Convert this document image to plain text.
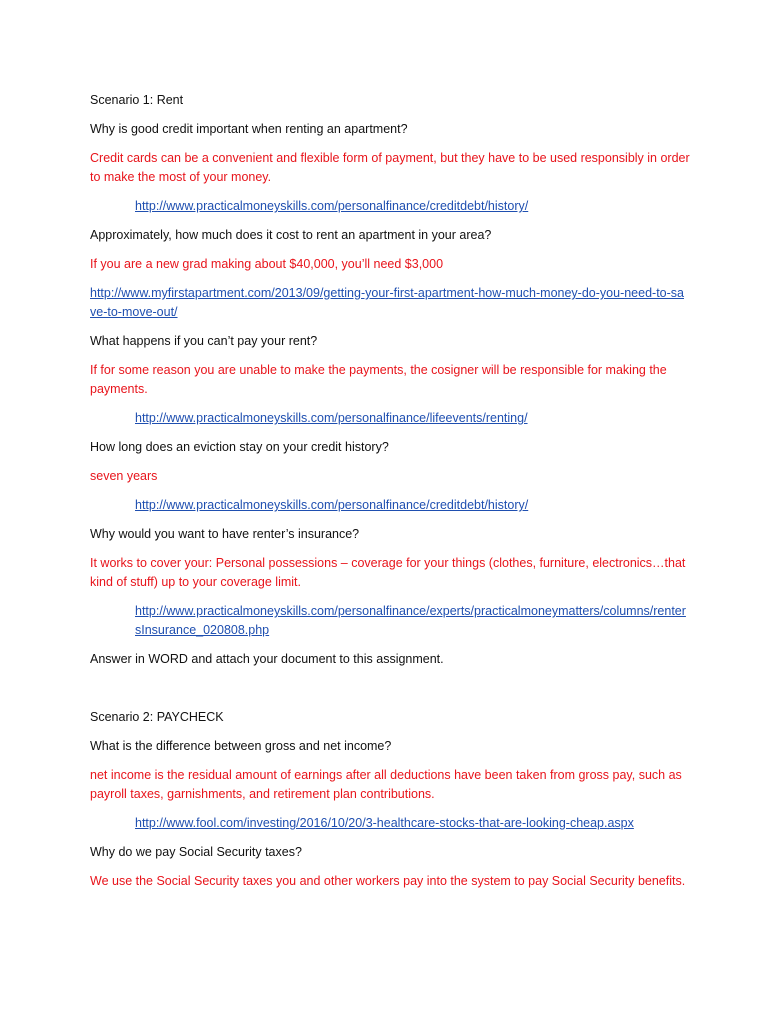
Scenario 1: Rent
Why is good credit important when renting an apartment?
Credit cards can be a convenient and flexible form of payment, but they have to be used responsibly in order to make the most of your money.
http://www.practicalmoneyskills.com/personalfinance/creditdebt/history/
Approximately, how much does it cost to rent an apartment in your area?
If you are a new grad making about $40,000, you’ll need $3,000
http://www.myfirstapartment.com/2013/09/getting-your-first-apartment-how-much-money-do-you-need-to-save-to-move-out/
What happens if you can’t pay your rent?
If for some reason you are unable to make the payments, the cosigner will be responsible for making the payments.
http://www.practicalmoneyskills.com/personalfinance/lifeevents/renting/
How long does an eviction stay on your credit history?
seven years
http://www.practicalmoneyskills.com/personalfinance/creditdebt/history/
Why would you want to have renter’s insurance?
It works to cover your: Personal possessions – coverage for your things (clothes, furniture, electronics…that kind of stuff) up to your coverage limit.
http://www.practicalmoneyskills.com/personalfinance/experts/practicalmoneymatters/columns/rentersInsurance_020808.php
Answer in WORD and attach your document to this assignment.
Scenario 2: PAYCHECK
What is the difference between gross and net income?
net income is the residual amount of earnings after all deductions have been taken from gross pay, such as payroll taxes, garnishments, and retirement plan contributions.
http://www.fool.com/investing/2016/10/20/3-healthcare-stocks-that-are-looking-cheap.aspx
Why do we pay Social Security taxes?
We use the Social Security taxes you and other workers pay into the system to pay Social Security benefits.
